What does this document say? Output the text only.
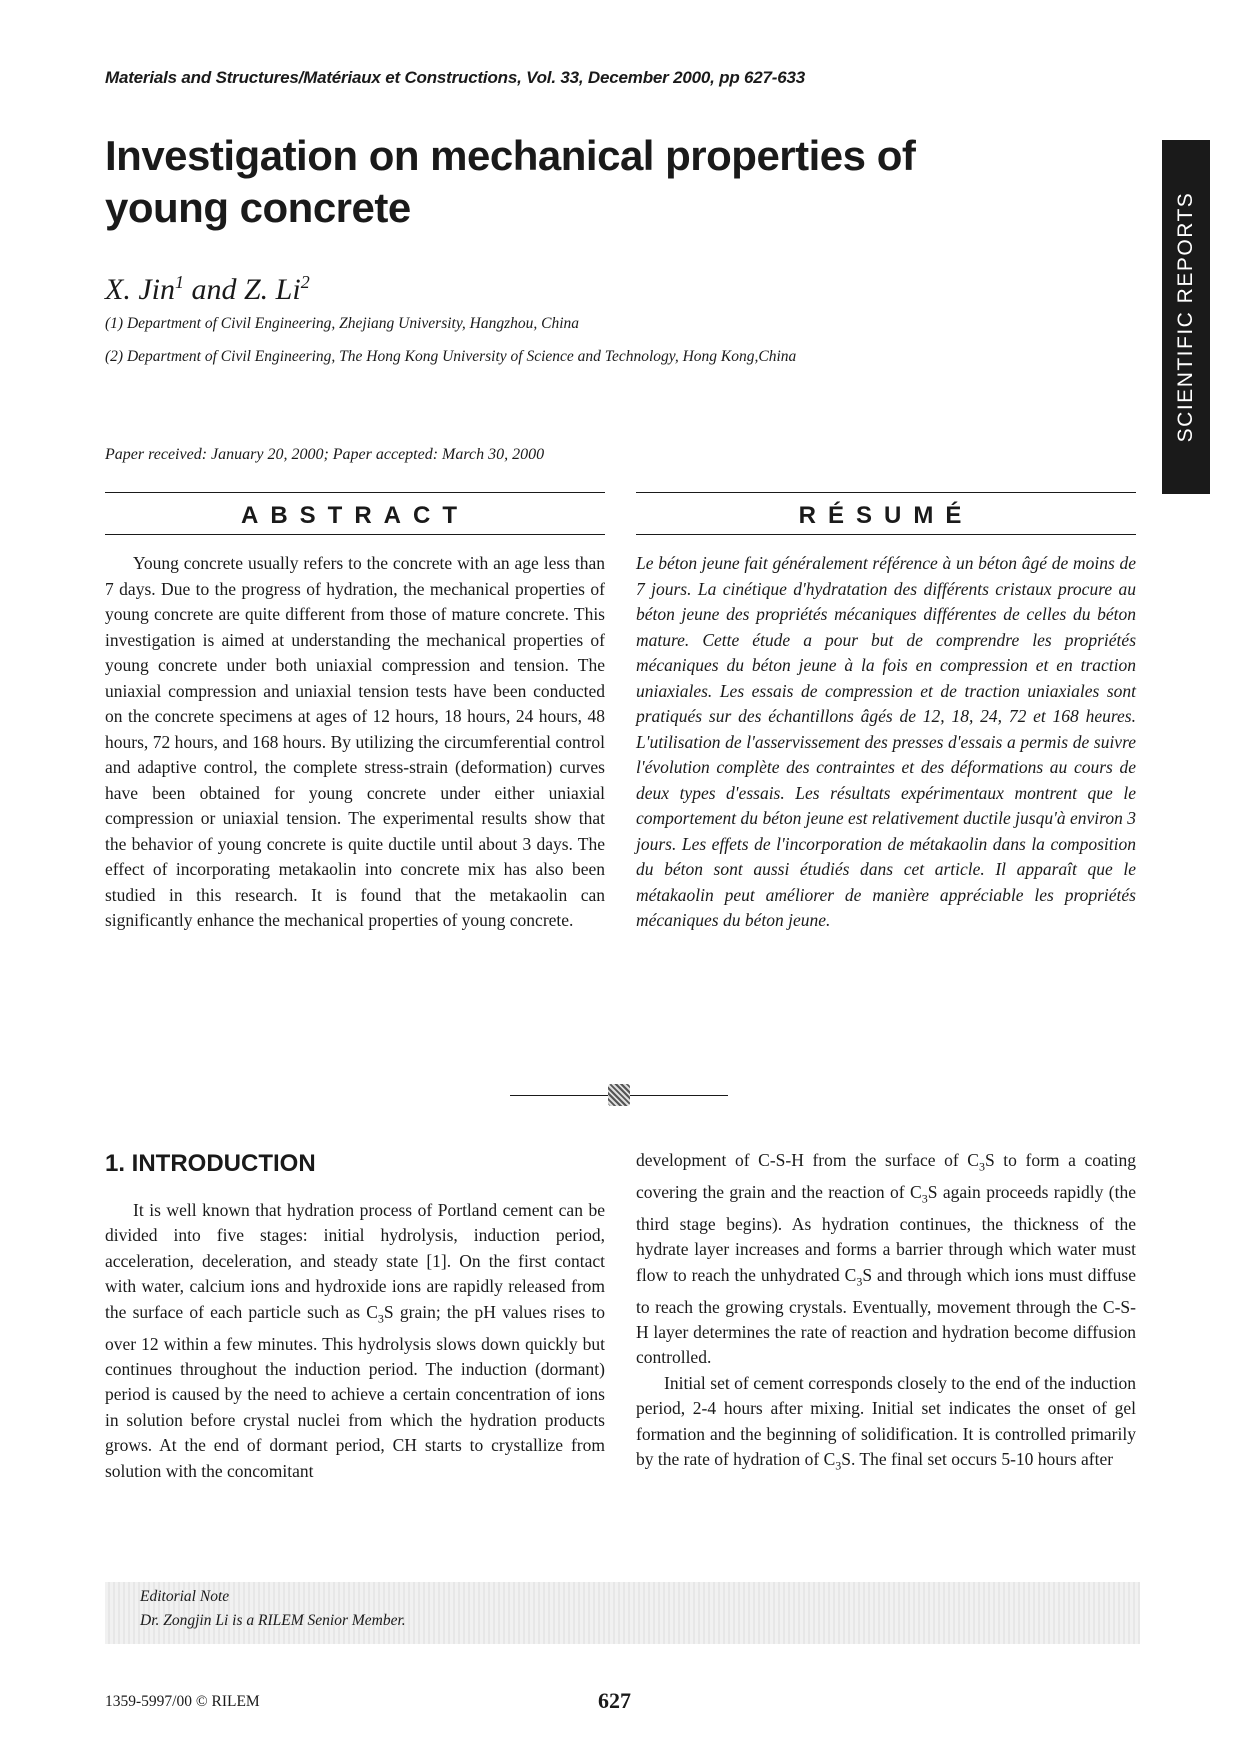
Materials and Structures/Matériaux et Constructions, Vol. 33, December 2000, pp 627-633
Investigation on mechanical properties of young concrete
X. Jin$^1$ and Z. Li$^2$
(1) Department of Civil Engineering, Zhejiang University, Hangzhou, China
(2) Department of Civil Engineering, The Hong Kong University of Science and Technology, Hong Kong,China
Paper received: January 20, 2000; Paper accepted: March 30, 2000
SCIENTIFIC REPORTS
ABSTRACT
Young concrete usually refers to the concrete with an age less than 7 days. Due to the progress of hydration, the mechanical properties of young concrete are quite different from those of mature concrete. This investigation is aimed at understanding the mechanical properties of young concrete under both uniaxial compression and tension. The uniaxial compression and uniaxial tension tests have been conducted on the concrete specimens at ages of 12 hours, 18 hours, 24 hours, 48 hours, 72 hours, and 168 hours. By utilizing the circumferential control and adaptive control, the complete stress-strain (deformation) curves have been obtained for young concrete under either uniaxial compression or uniaxial tension. The experimental results show that the behavior of young concrete is quite ductile until about 3 days. The effect of incorporating metakaolin into concrete mix has also been studied in this research. It is found that the metakaolin can significantly enhance the mechanical properties of young concrete.
RÉSUMÉ
Le béton jeune fait généralement référence à un béton âgé de moins de 7 jours. La cinétique d'hydratation des différents cristaux procure au béton jeune des propriétés mécaniques différentes de celles du béton mature. Cette étude a pour but de comprendre les propriétés mécaniques du béton jeune à la fois en compression et en traction uniaxiales. Les essais de compression et de traction uniaxiales sont pratiqués sur des échantillons âgés de 12, 18, 24, 72 et 168 heures. L'utilisation de l'asservissement des presses d'essais a permis de suivre l'évolution complète des contraintes et des déformations au cours de deux types d'essais. Les résultats expérimentaux montrent que le comportement du béton jeune est relativement ductile jusqu'à environ 3 jours. Les effets de l'incorporation de métakaolin dans la composition du béton sont aussi étudiés dans cet article. Il apparaît que le métakaolin peut améliorer de manière appréciable les propriétés mécaniques du béton jeune.
1. INTRODUCTION

It is well known that hydration process of Portland cement can be divided into five stages: initial hydrolysis, induction period, acceleration, deceleration, and steady state [1]. On the first contact with water, calcium ions and hydroxide ions are rapidly released from the surface of each particle such as $C_3S$ grain; the pH values rises to over 12 within a few minutes. This hydrolysis slows down quickly but continues throughout the induction period. The induction (dormant) period is caused by the need to achieve a certain concentration of ions in solution before crystal nuclei from which the hydration products grows. At the end of dormant period, CH starts to crystallize from solution with the concomitant

development of C-S-H from the surface of $C_3S$ to form a coating covering the grain and the reaction of $C_3S$ again proceeds rapidly (the third stage begins). As hydration continues, the thickness of the hydrate layer increases and forms a barrier through which water must flow to reach the unhydrated $C_3S$ and through which ions must diffuse to reach the growing crystals. Eventually, movement through the C-S-H layer determines the rate of reaction and hydration become diffusion controlled.

Initial set of cement corresponds closely to the end of the induction period, 2-4 hours after mixing. Initial set indicates the onset of gel formation and the beginning of solidification. It is controlled primarily by the rate of hydration of $C_3S$. The final set occurs 5-10 hours after

Editorial Note
Dr. Zongjin Li is a RILEM Senior Member.
1359-5997/00 © RILEM	627
